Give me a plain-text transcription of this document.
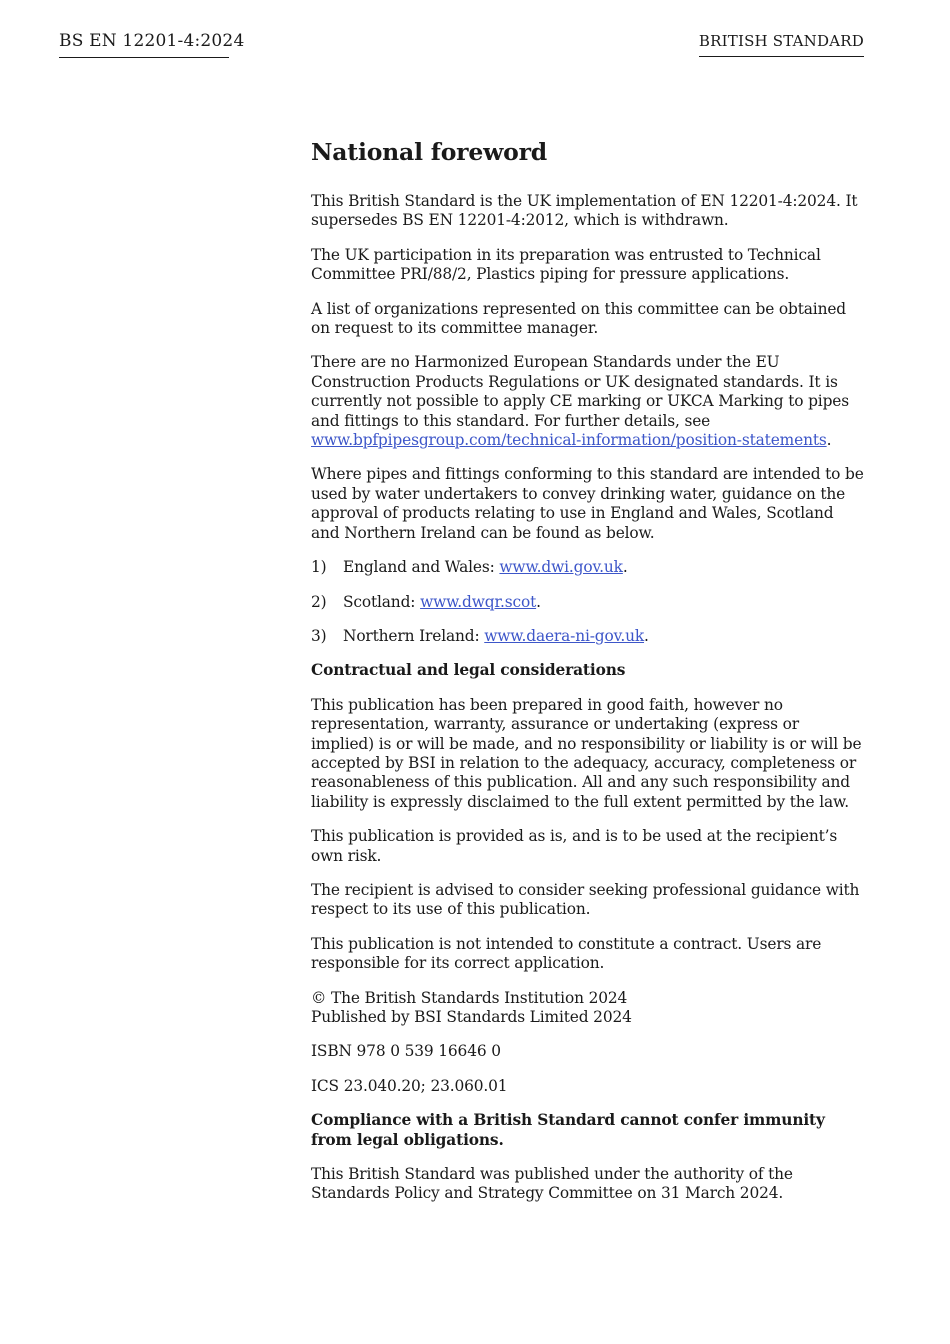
BS EN 12201-4:2024	BRITISH STANDARD
National foreword

This British Standard is the UK implementation of EN 12201-4:2024. It supersedes BS EN 12201-4:2012, which is withdrawn.

The UK participation in its preparation was entrusted to Technical Committee PRI/88/2, Plastics piping for pressure applications.

A list of organizations represented on this committee can be obtained on request to its committee manager.

There are no Harmonized European Standards under the EU Construction Products Regulations or UK designated standards. It is currently not possible to apply CE marking or UKCA Marking to pipes and fittings to this standard. For further details, see www.bpfpipesgroup.com/technical-information/position-statements.

Where pipes and fittings conforming to this standard are intended to be used by water undertakers to convey drinking water, guidance on the approval of products relating to use in England and Wales, Scotland and Northern Ireland can be found as below.

1)	England and Wales: www.dwi.gov.uk.
2)	Scotland: www.dwqr.scot.
3)	Northern Ireland: www.daera-ni-gov.uk.

Contractual and legal considerations

This publication has been prepared in good faith, however no representation, warranty, assurance or undertaking (express or implied) is or will be made, and no responsibility or liability is or will be accepted by BSI in relation to the adequacy, accuracy, completeness or reasonableness of this publication. All and any such responsibility and liability is expressly disclaimed to the full extent permitted by the law.

This publication is provided as is, and is to be used at the recipient’s own risk.

The recipient is advised to consider seeking professional guidance with respect to its use of this publication.

This publication is not intended to constitute a contract. Users are responsible for its correct application.

© The British Standards Institution 2024
Published by BSI Standards Limited 2024

ISBN 978 0 539 16646 0

ICS 23.040.20; 23.060.01

Compliance with a British Standard cannot confer immunity from legal obligations.

This British Standard was published under the authority of the Standards Policy and Strategy Committee on 31 March 2024.
